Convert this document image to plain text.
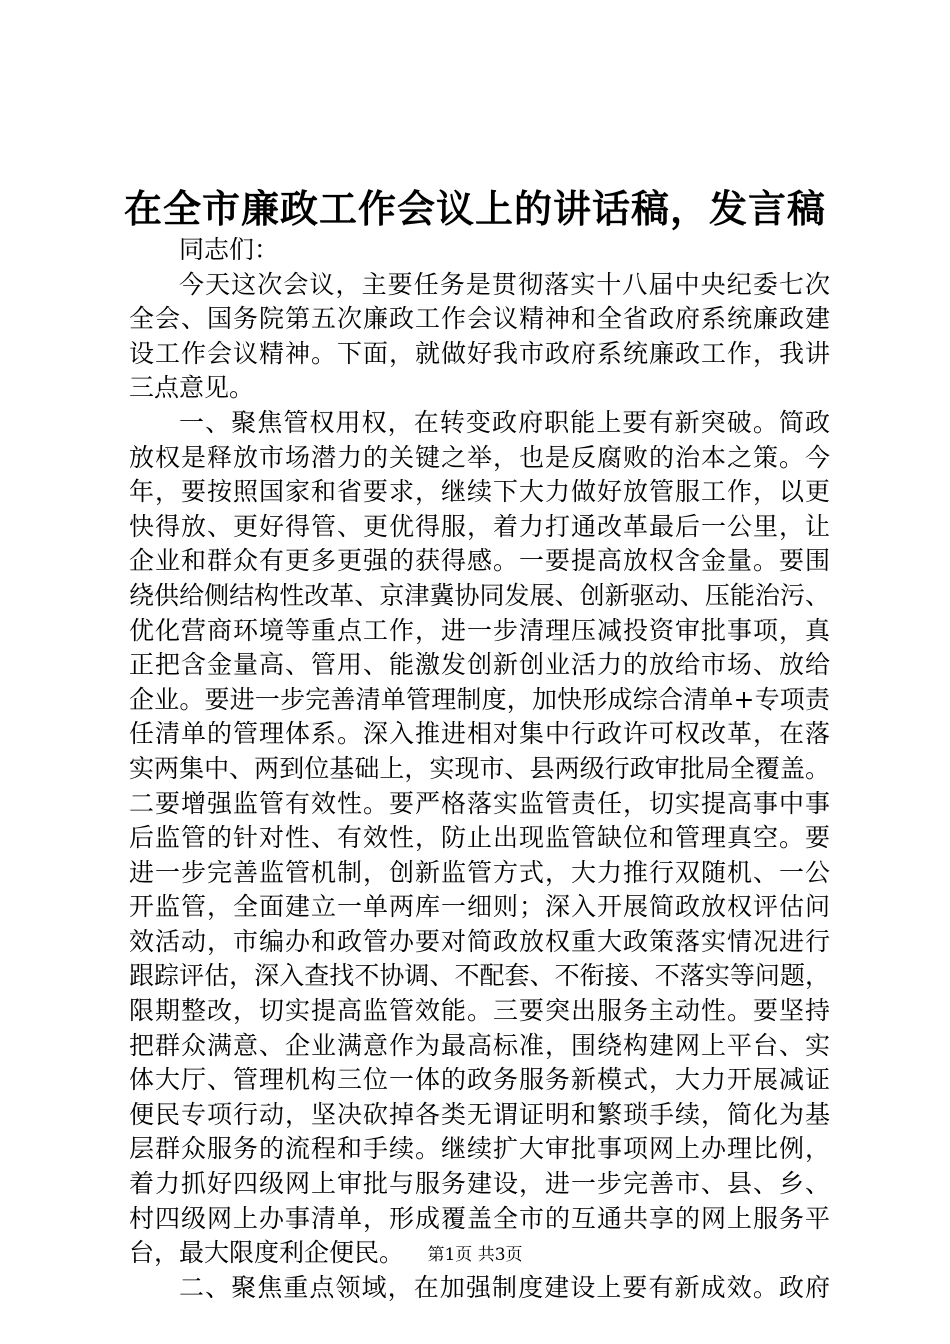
在全市廉政工作会议上的讲话稿，发言稿
同志们：
今天这次会议，主要任务是贯彻落实十八届中央纪委七次
全会、国务院第五次廉政工作会议精神和全省政府系统廉政建
设工作会议精神。下面，就做好我市政府系统廉政工作，我讲
三点意见。
一、聚焦管权用权，在转变政府职能上要有新突破。简政
放权是释放市场潜力的关键之举，也是反腐败的治本之策。今
年，要按照国家和省要求，继续下大力做好放管服工作，以更
快得放、更好得管、更优得服，着力打通改革最后一公里，让
企业和群众有更多更强的获得感。一要提高放权含金量。要围
绕供给侧结构性改革、京津冀协同发展、创新驱动、压能治污、
优化营商环境等重点工作，进一步清理压减投资审批事项，真
正把含金量高、管用、能激发创新创业活力的放给市场、放给
企业。要进一步完善清单管理制度，加快形成综合清单+专项责
任清单的管理体系。深入推进相对集中行政许可权改革，在落
实两集中、两到位基础上，实现市、县两级行政审批局全覆盖。
二要增强监管有效性。要严格落实监管责任，切实提高事中事
后监管的针对性、有效性，防止出现监管缺位和管理真空。要
进一步完善监管机制，创新监管方式，大力推行双随机、一公
开监管，全面建立一单两库一细则；深入开展简政放权评估问
效活动，市编办和政管办要对简政放权重大政策落实情况进行
跟踪评估，深入查找不协调、不配套、不衔接、不落实等问题，
限期整改，切实提高监管效能。三要突出服务主动性。要坚持
把群众满意、企业满意作为最高标准，围绕构建网上平台、实
体大厅、管理机构三位一体的政务服务新模式，大力开展减证
便民专项行动，坚决砍掉各类无谓证明和繁琐手续，简化为基
层群众服务的流程和手续。继续扩大审批事项网上办理比例，
着力抓好四级网上审批与服务建设，进一步完善市、县、乡、
村四级网上办事清单，形成覆盖全市的互通共享的网上服务平
台，最大限度利企便民。
二、聚焦重点领域，在加强制度建设上要有新成效。政府
第1页 共3页
